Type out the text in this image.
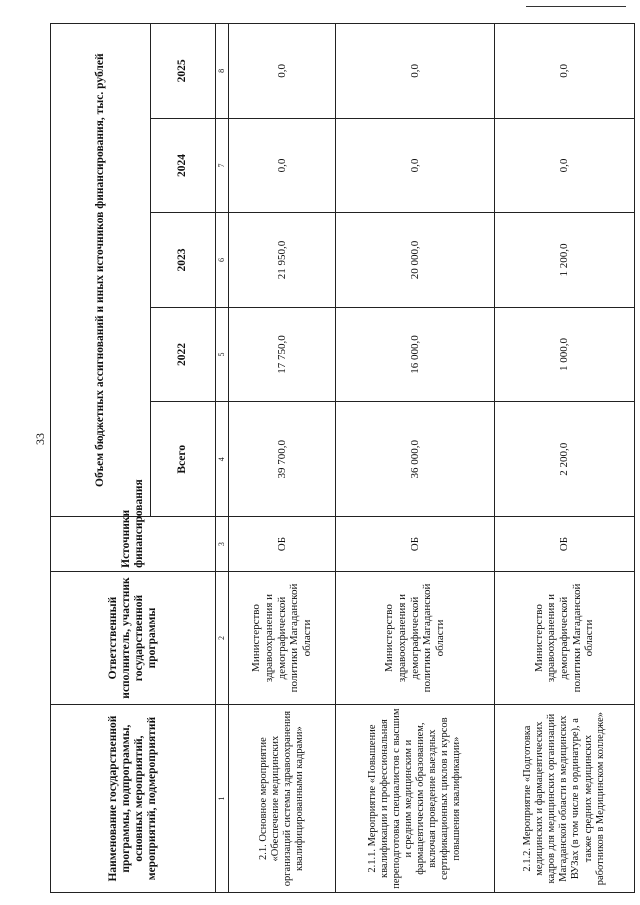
33
Наименование государственной программы, подпрограммы, основных мероприятий, мероприятий, подмероприятий	Ответственный исполнитель, участник государственной программы	Источники финансирования	Объем бюджетных ассигнований и иных источников финансирования, тыс. рублей				
			Всего	2022	2023	2024	2025
1	2	3	4	5	6	7	8
2.1. Основное мероприятие «Обеспечение медицинских организаций системы здравоохранения квалифицированными кадрами»	Министерство здравоохранения и демографической политики Магаданской области	ОБ	39 700,0	17 750,0	21 950,0	0,0	0,0
2.1.1. Мероприятие «Повышение квалификации и профессиональная переподготовка специалистов с высшим и средним медицинским и фармацевтическим образованием, включая проведение выездных сертификационных циклов и курсов повышения квалификации»	Министерство здравоохранения и демографической политики Магаданской области	ОБ	36 000,0	16 000,0	20 000,0	0,0	0,0
2.1.2. Мероприятие «Подготовка медицинских и фармацевтических кадров для медицинских организаций Магаданской области в медицинских ВУЗах (в том числе в ординатуре), а также средних медицинских работников в Медицинском колледже»	Министерство здравоохранения и демографической политики Магаданской области	ОБ	2 200,0	1 000,0	1 200,0	0,0	0,0
